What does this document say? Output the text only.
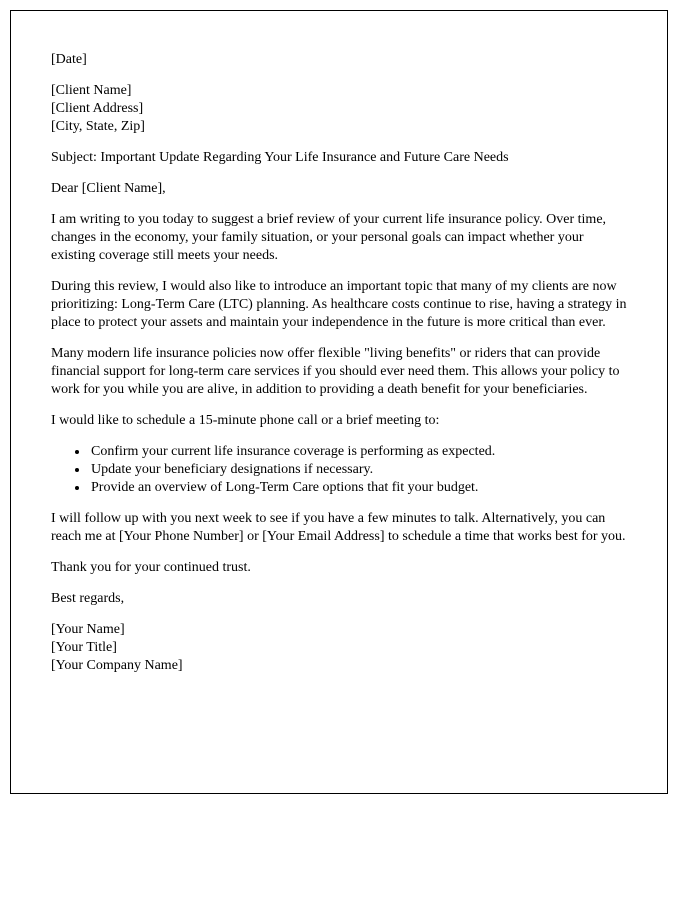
[Date]
[Client Name]
[Client Address]
[City, State, Zip]
Subject: Important Update Regarding Your Life Insurance and Future Care Needs
Dear [Client Name],

I am writing to you today to suggest a brief review of your current life insurance policy. Over time, changes in the economy, your family situation, or your personal goals can impact whether your existing coverage still meets your needs.

During this review, I would also like to introduce an important topic that many of my clients are now prioritizing: Long-Term Care (LTC) planning. As healthcare costs continue to rise, having a strategy in place to protect your assets and maintain your independence in the future is more critical than ever.

Many modern life insurance policies now offer flexible "living benefits" or riders that can provide financial support for long-term care services if you should ever need them. This allows your policy to work for you while you are alive, in addition to providing a death benefit for your beneficiaries.

I would like to schedule a 15-minute phone call or a brief meeting to:

• Confirm your current life insurance coverage is performing as expected.
• Update your beneficiary designations if necessary.
• Provide an overview of Long-Term Care options that fit your budget.

I will follow up with you next week to see if you have a few minutes to talk. Alternatively, you can reach me at [Your Phone Number] or [Your Email Address] to schedule a time that works best for you.

Thank you for your continued trust.

Best regards,
[Your Name]
[Your Title]
[Your Company Name]
